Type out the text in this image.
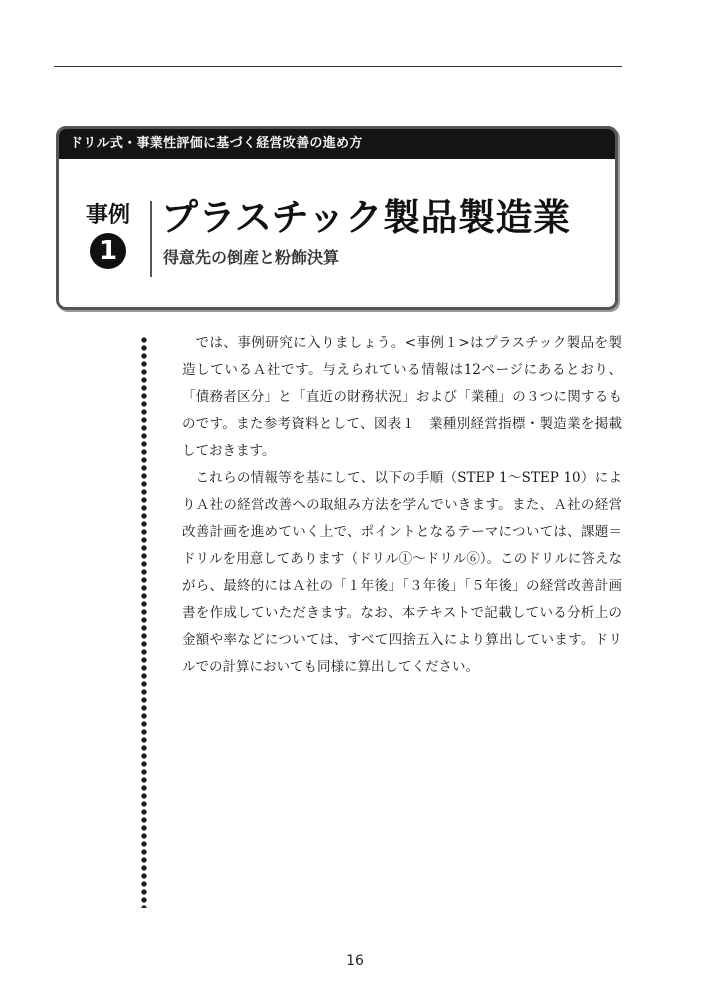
ドリル式・事業性評価に基づく経営改善の進め方
事例
1
プラスチック製品製造業
得意先の倒産と粉飾決算

では、事例研究に入りましょう。<事例１>はプラスチック製品を製造しているＡ社です。与えられている情報は12ページにあるとおり、「債務者区分」と「直近の財務状況」および「業種」の３つに関するものです。また参考資料として、図表１　業種別経営指標・製造業を掲載しておきます。

これらの情報等を基にして、以下の手順（STEP 1～STEP 10）によりＡ社の経営改善への取組み方法を学んでいきます。また、Ａ社の経営改善計画を進めていく上で、ポイントとなるテーマについては、課題＝ドリルを用意してあります（ドリル①～ドリル⑥）。このドリルに答えながら、最終的にはＡ社の「１年後」「３年後」「５年後」の経営改善計画書を作成していただきます。なお、本テキストで記載している分析上の金額や率などについては、すべて四捨五入により算出しています。ドリルでの計算においても同様に算出してください。

16
